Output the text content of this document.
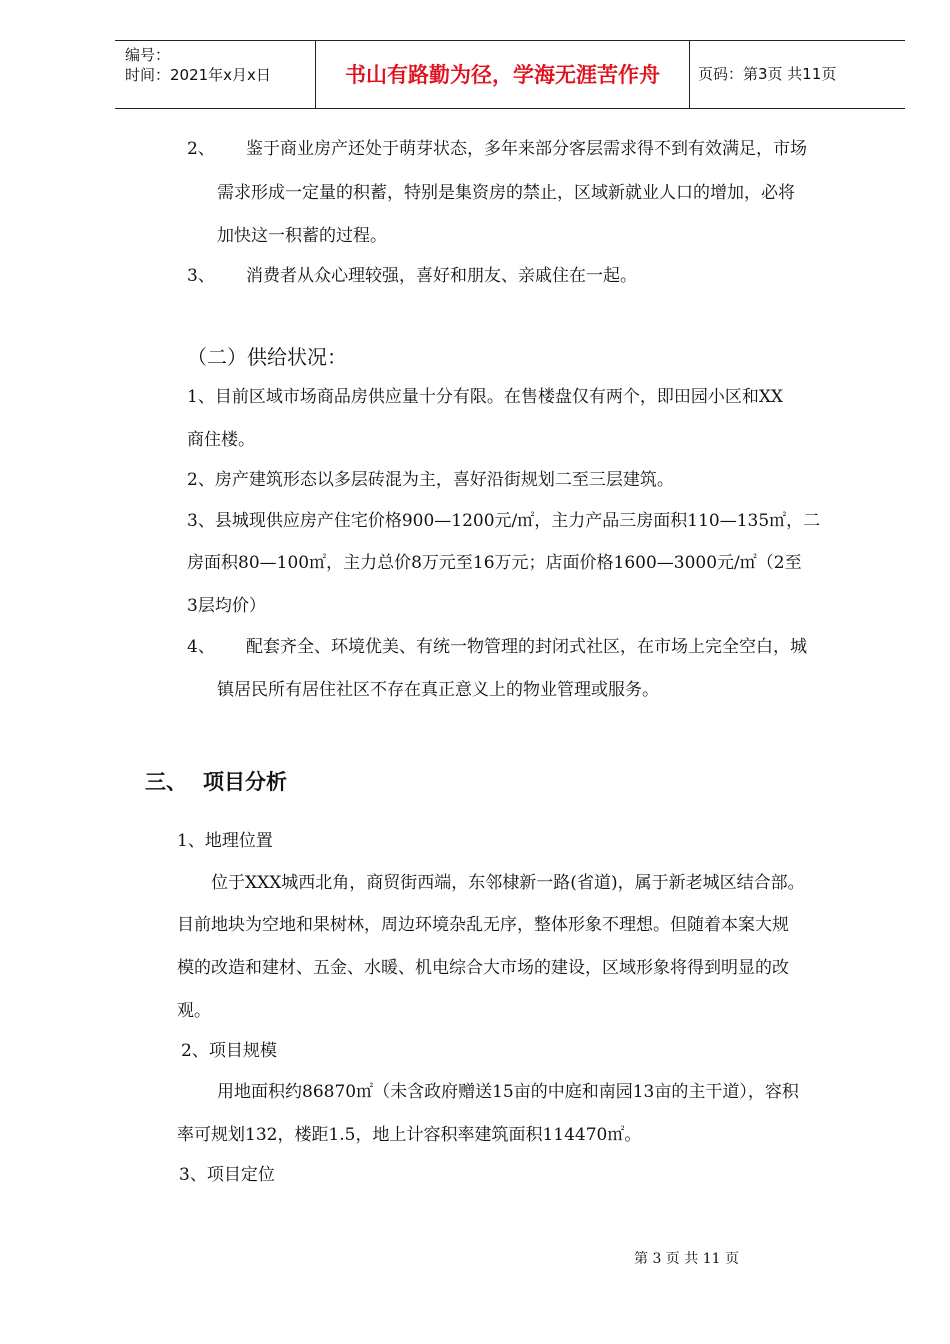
编号：
时间：2021年x月x日	书山有路勤为径，学海无涯苦作舟	页码：第3页 共11页
2、 鉴于商业房产还处于萌芽状态，多年来部分客层需求得不到有效满足，市场
需求形成一定量的积蓄，特别是集资房的禁止，区域新就业人口的增加，必将
加快这一积蓄的过程。
3、 消费者从众心理较强，喜好和朋友、亲戚住在一起。
（二）供给状况：
1、目前区域市场商品房供应量十分有限。在售楼盘仅有两个，即田园小区和XX
商住楼。
2、房产建筑形态以多层砖混为主，喜好沿街规划二至三层建筑。
3、县城现供应房产住宅价格900—1200元/㎡，主力产品三房面积110—135㎡，二
房面积80—100㎡，主力总价8万元至16万元；店面价格1600—3000元/㎡（2至
3层均价）
4、 配套齐全、环境优美、有统一物管理的封闭式社区，在市场上完全空白，城
镇居民所有居住社区不存在真正意义上的物业管理或服务。
三、 项目分析
1、地理位置
位于XXX城西北角，商贸街西端，东邻棣新一路(省道)，属于新老城区结合部。
目前地块为空地和果树林，周边环境杂乱无序，整体形象不理想。但随着本案大规
模的改造和建材、五金、水暖、机电综合大市场的建设，区域形象将得到明显的改
观。
2、项目规模
用地面积约86870㎡（未含政府赠送15亩的中庭和南园13亩的主干道），容积
率可规划132，楼距1.5，地上计容积率建筑面积114470㎡。
3、项目定位
第 3 页 共 11 页
